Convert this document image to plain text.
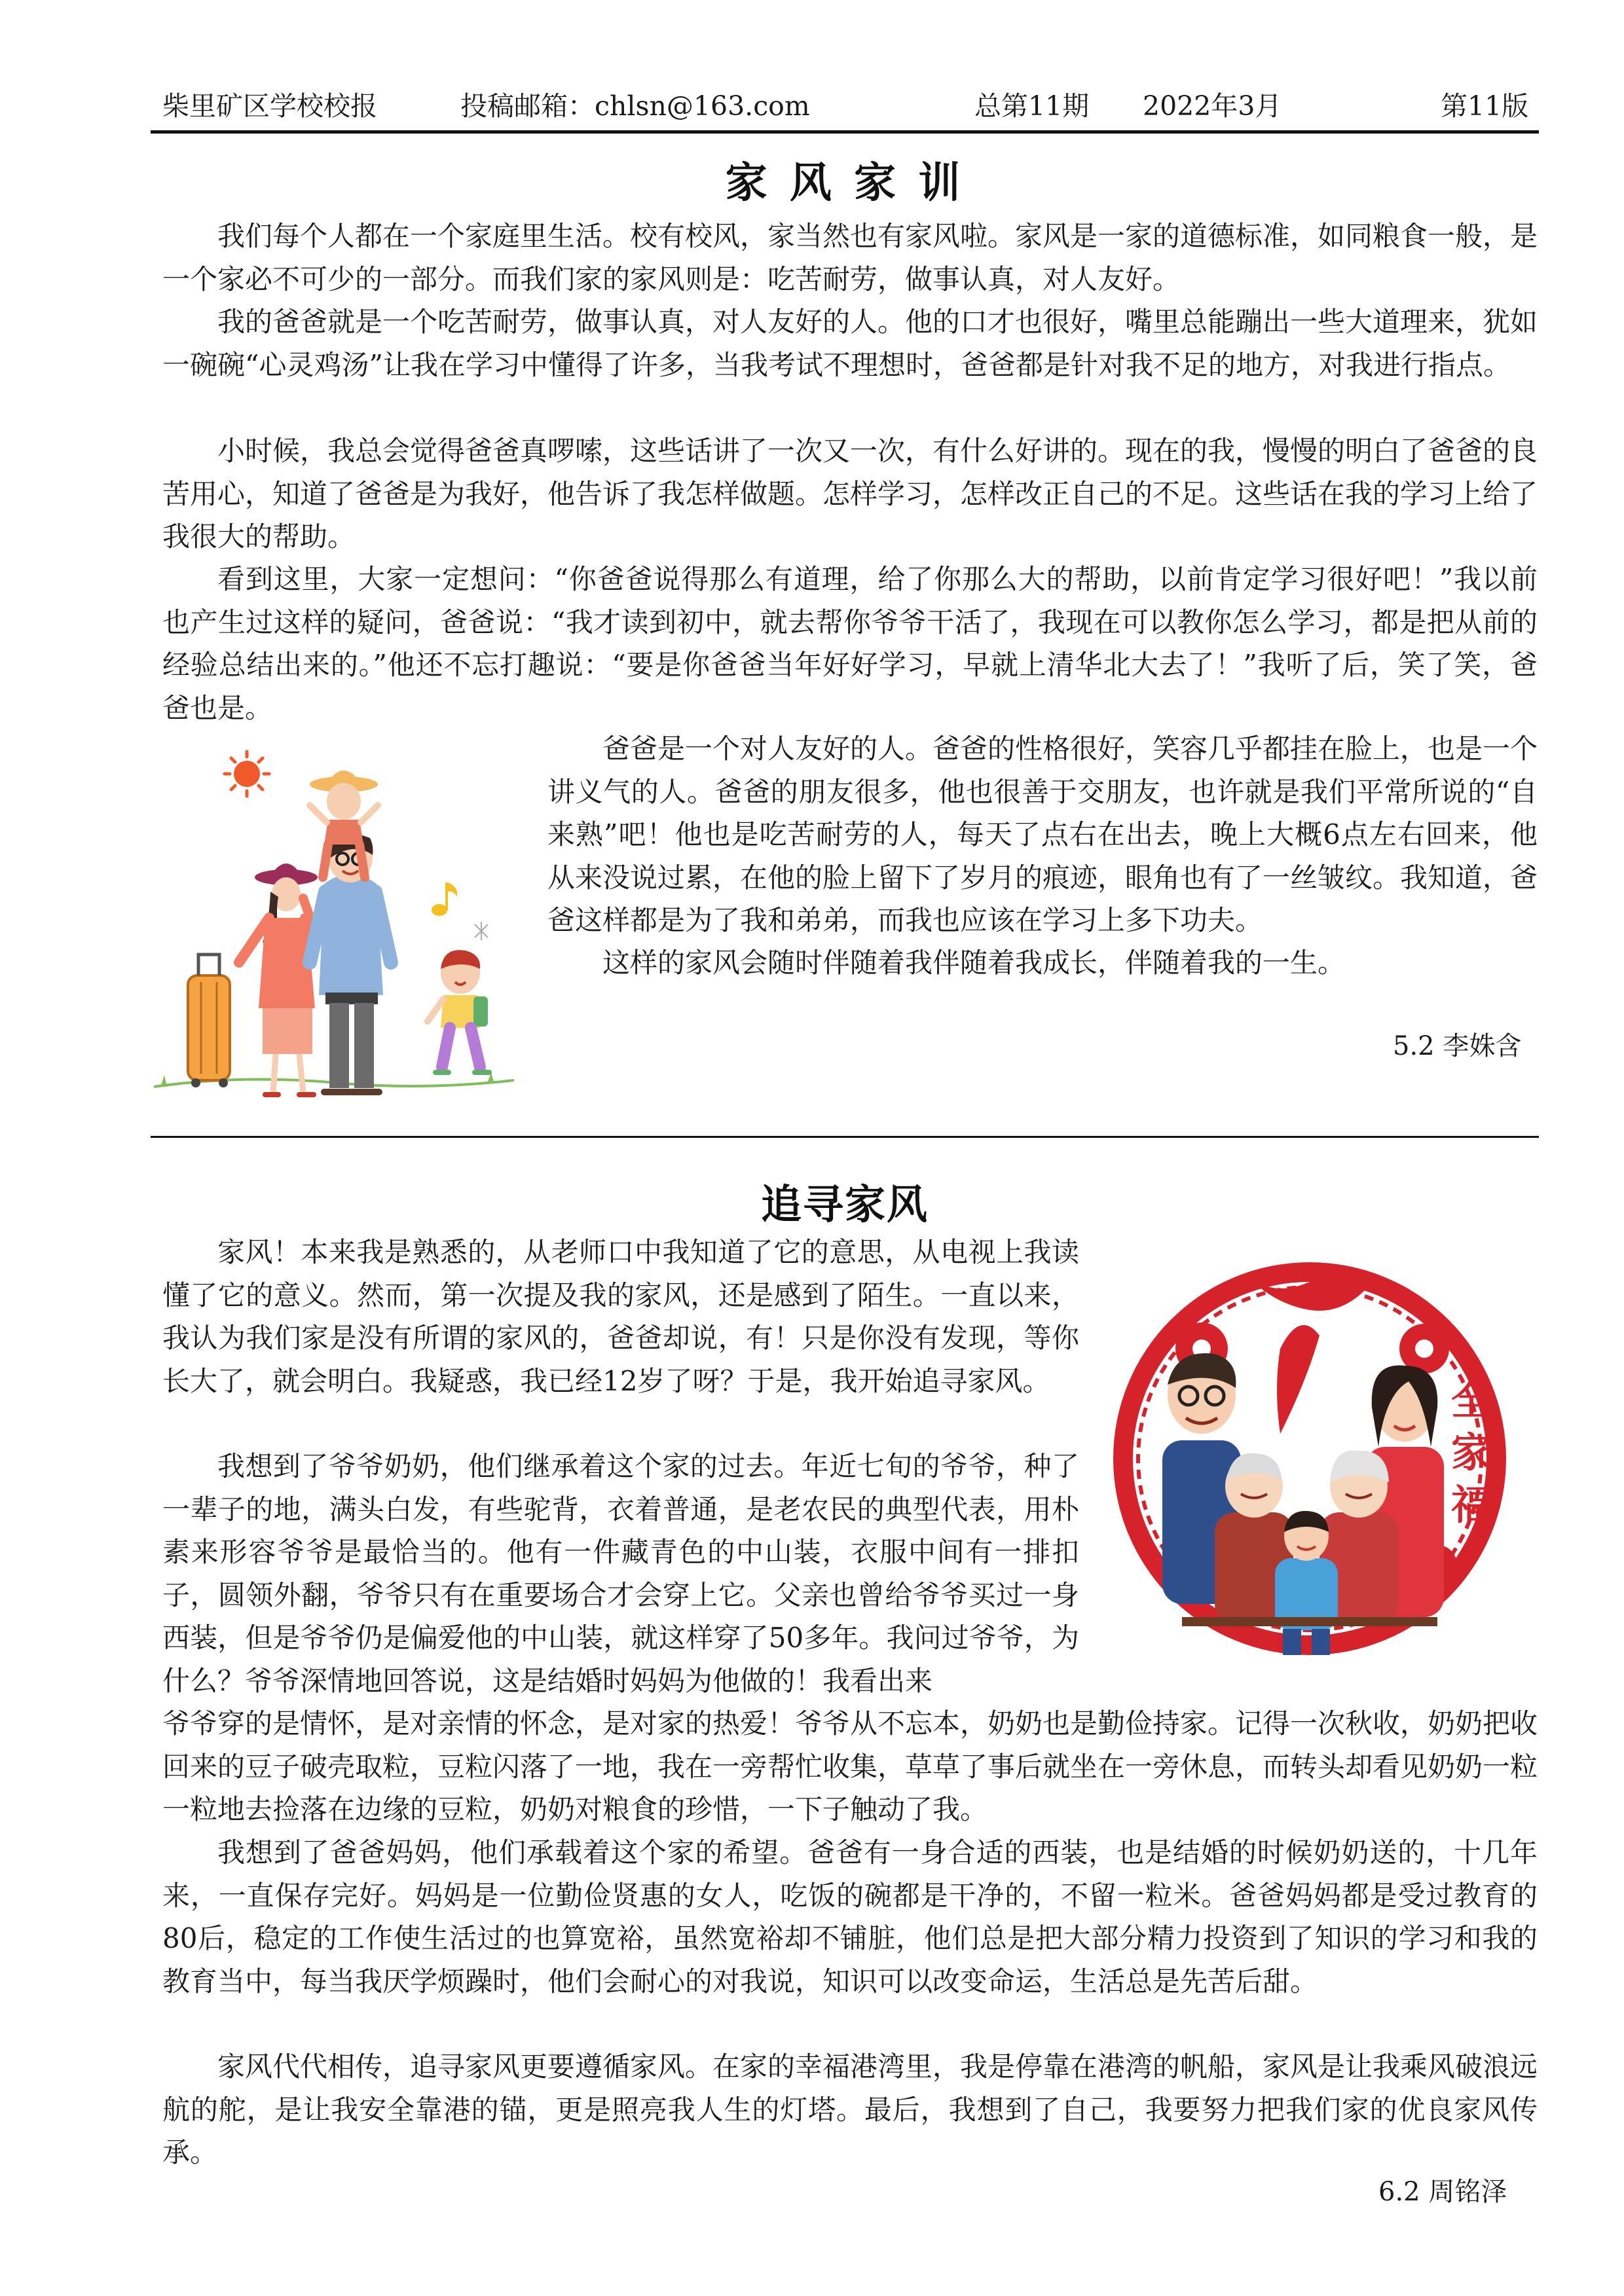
柴里矿区学校校报	投稿邮箱：chlsn@163.com	总第11期 2022年3月	第11版
家 风 家 训

我们每个人都在一个家庭里生活。校有校风，家当然也有家风啦。家风是一家的道德标准，如同粮食一般，是一个家必不可少的一部分。而我们家的家风则是：吃苦耐劳，做事认真，对人友好。

我的爸爸就是一个吃苦耐劳，做事认真，对人友好的人。他的口才也很好，嘴里总能蹦出一些大道理来，犹如一碗碗“心灵鸡汤”让我在学习中懂得了许多，当我考试不理想时，爸爸都是针对我不足的地方，对我进行指点。

小时候，我总会觉得爸爸真啰嗦，这些话讲了一次又一次，有什么好讲的。现在的我，慢慢的明白了爸爸的良苦用心，知道了爸爸是为我好，他告诉了我怎样做题。怎样学习，怎样改正自己的不足。这些话在我的学习上给了我很大的帮助。

看到这里，大家一定想问：“你爸爸说得那么有道理，给了你那么大的帮助，以前肯定学习很好吧！”我以前也产生过这样的疑问，爸爸说：“我才读到初中，就去帮你爷爷干活了，我现在可以教你怎么学习，都是把从前的经验总结出来的。”他还不忘打趣说：“要是你爸爸当年好好学习，早就上清华北大去了！”我听了后，笑了笑，爸爸也是。

爸爸是一个对人友好的人。爸爸的性格很好，笑容几乎都挂在脸上，也是一个讲义气的人。爸爸的朋友很多，他也很善于交朋友，也许就是我们平常所说的“自来熟”吧！他也是吃苦耐劳的人，每天了点右在出去，晚上大概6点左右回来，他从来没说过累，在他的脸上留下了岁月的痕迹，眼角也有了一丝皱纹。我知道，爸爸这样都是为了我和弟弟，而我也应该在学习上多下功夫。

这样的家风会随时伴随着我伴随着我成长，伴随着我的一生。

5.2 李姝含
追寻家风

家风！本来我是熟悉的，从老师口中我知道了它的意思，从电视上我读懂了它的意义。然而，第一次提及我的家风，还是感到了陌生。一直以来，我认为我们家是没有所谓的家风的，爸爸却说，有！只是你没有发现，等你长大了，就会明白。我疑惑，我已经12岁了呀？于是，我开始追寻家风。

我想到了爷爷奶奶，他们继承着这个家的过去。年近七旬的爷爷，种了一辈子的地，满头白发，有些驼背，衣着普通，是老农民的典型代表，用朴素来形容爷爷是最恰当的。他有一件藏青色的中山装，衣服中间有一排扣子，圆领外翻，爷爷只有在重要场合才会穿上它。父亲也曾给爷爷买过一身西装，但是爷爷仍是偏爱他的中山装，就这样穿了50多年。我问过爷爷，为什么？爷爷深情地回答说，这是结婚时妈妈为他做的！我看出来

爷爷穿的是情怀，是对亲情的怀念，是对家的热爱！爷爷从不忘本，奶奶也是勤俭持家。记得一次秋收，奶奶把收回来的豆子破壳取粒，豆粒闪落了一地，我在一旁帮忙收集，草草了事后就坐在一旁休息，而转头却看见奶奶一粒一粒地去捡落在边缘的豆粒，奶奶对粮食的珍惜，一下子触动了我。

我想到了爸爸妈妈，他们承载着这个家的希望。爸爸有一身合适的西装，也是结婚的时候奶奶送的，十几年来，一直保存完好。妈妈是一位勤俭贤惠的女人，吃饭的碗都是干净的，不留一粒米。爸爸妈妈都是受过教育的80后，稳定的工作使生活过的也算宽裕，虽然宽裕却不铺脏，他们总是把大部分精力投资到了知识的学习和我的教育当中，每当我厌学烦躁时，他们会耐心的对我说，知识可以改变命运，生活总是先苦后甜。

家风代代相传，追寻家风更要遵循家风。在家的幸福港湾里，我是停靠在港湾的帆船，家风是让我乘风破浪远航的舵，是让我安全靠港的锚，更是照亮我人生的灯塔。最后，我想到了自己，我要努力把我们家的优良家风传承。

6.2 周铭泽
全
家
福
